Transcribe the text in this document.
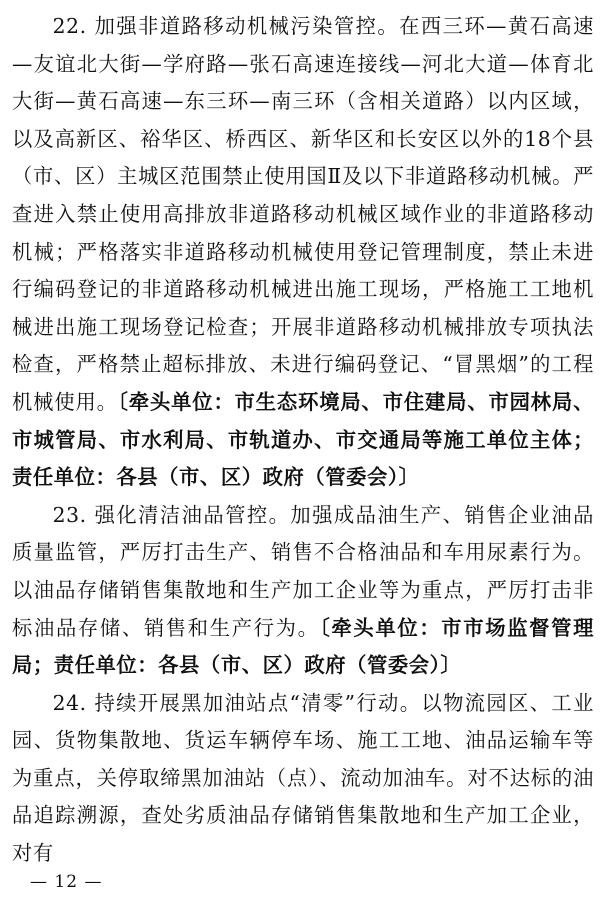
22. 加强非道路移动机械污染管控。在西三环—黄石高速—友谊北大街—学府路—张石高速连接线—河北大道—体育北大街—黄石高速—东三环—南三环（含相关道路）以内区域，以及高新区、裕华区、桥西区、新华区和长安区以外的18个县（市、区）主城区范围禁止使用国Ⅱ及以下非道路移动机械。严查进入禁止使用高排放非道路移动机械区域作业的非道路移动机械；严格落实非道路移动机械使用登记管理制度，禁止未进行编码登记的非道路移动机械进出施工现场，严格施工工地机械进出施工现场登记检查；开展非道路移动机械排放专项执法检查，严格禁止超标排放、未进行编码登记、“冒黑烟”的工程机械使用。〔牵头单位：市生态环境局、市住建局、市园林局、市城管局、市水利局、市轨道办、市交通局等施工单位主体；责任单位：各县（市、区）政府（管委会）〕

23. 强化清洁油品管控。加强成品油生产、销售企业油品质量监管，严厉打击生产、销售不合格油品和车用尿素行为。以油品存储销售集散地和生产加工企业等为重点，严厉打击非标油品存储、销售和生产行为。〔牵头单位：市市场监督管理局；责任单位：各县（市、区）政府（管委会）〕

24. 持续开展黑加油站点“清零”行动。以物流园区、工业园、货物集散地、货运车辆停车场、施工工地、油品运输车等为重点，关停取缔黑加油站（点）、流动加油车。对不达标的油品追踪溯源，查处劣质油品存储销售集散地和生产加工企业，对有

— 12 —
